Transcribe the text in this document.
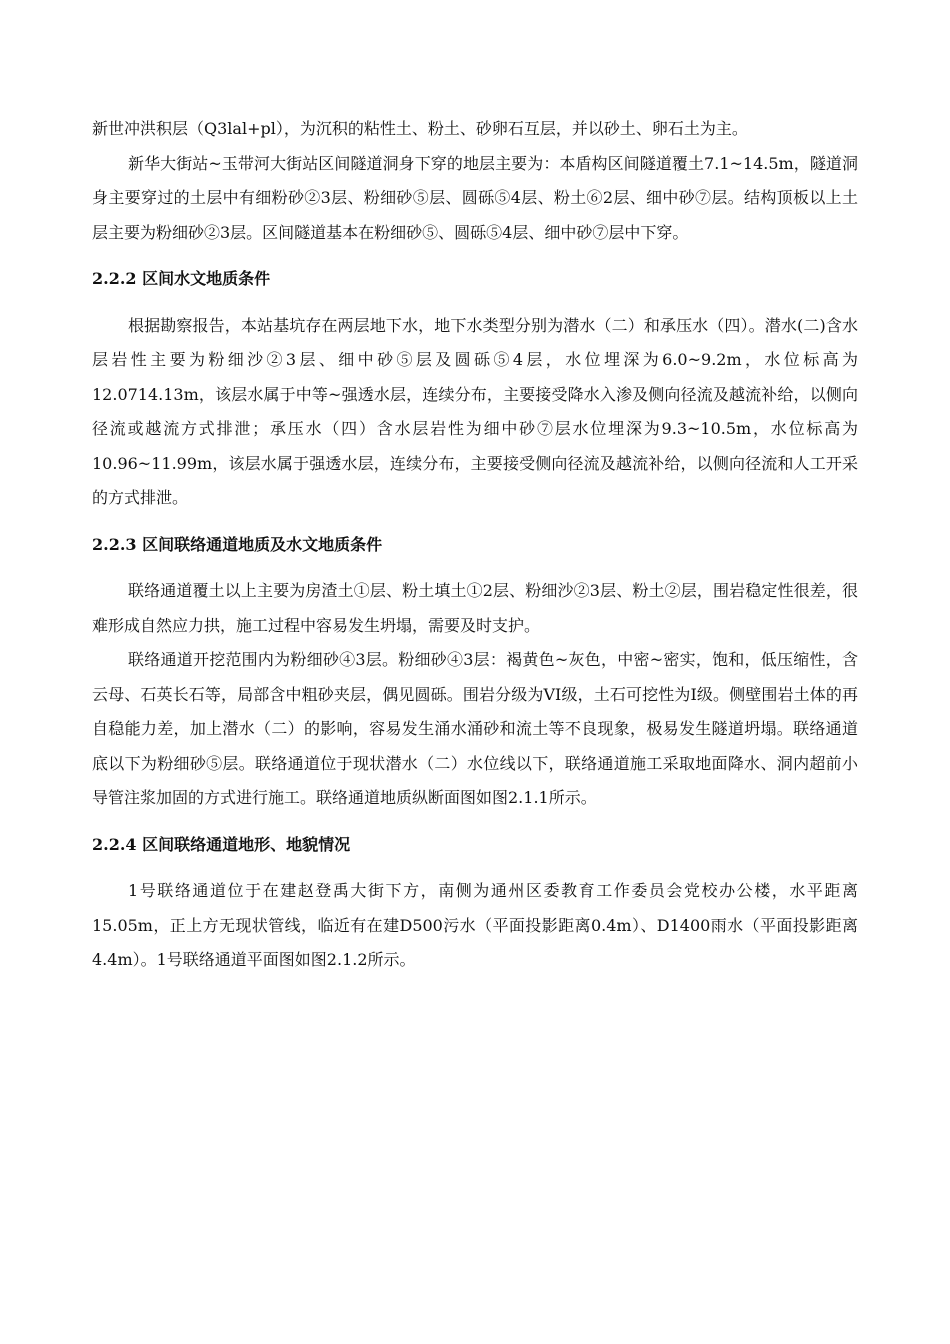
新世冲洪积层（Q3lal+pl），为沉积的粘性土、粉土、砂卵石互层，并以砂土、卵石土为主。

新华大街站~玉带河大街站区间隧道洞身下穿的地层主要为：本盾构区间隧道覆土7.1~14.5m，隧道洞身主要穿过的土层中有细粉砂②3层、粉细砂⑤层、圆砾⑤4层、粉土⑥2层、细中砂⑦层。结构顶板以上土层主要为粉细砂②3层。区间隧道基本在粉细砂⑤、圆砾⑤4层、细中砂⑦层中下穿。

2.2.2 区间水文地质条件

根据勘察报告，本站基坑存在两层地下水，地下水类型分别为潜水（二）和承压水（四）。潜水(二)含水层岩性主要为粉细沙②3层、细中砂⑤层及圆砾⑤4层，水位埋深为6.0~9.2m，水位标高为12.0714.13m，该层水属于中等~强透水层，连续分布，主要接受降水入渗及侧向径流及越流补给，以侧向径流或越流方式排泄；承压水（四）含水层岩性为细中砂⑦层水位埋深为9.3~10.5m，水位标高为10.96~11.99m，该层水属于强透水层，连续分布，主要接受侧向径流及越流补给，以侧向径流和人工开采的方式排泄。

2.2.3 区间联络通道地质及水文地质条件

联络通道覆土以上主要为房渣土①层、粉土填土①2层、粉细沙②3层、粉土②层，围岩稳定性很差，很难形成自然应力拱，施工过程中容易发生坍塌，需要及时支护。

联络通道开挖范围内为粉细砂④3层。粉细砂④3层：褐黄色~灰色，中密~密实，饱和，低压缩性，含云母、石英长石等，局部含中粗砂夹层，偶见圆砾。围岩分级为VI级，土石可挖性为I级。侧壁围岩土体的再自稳能力差，加上潜水（二）的影响，容易发生涌水涌砂和流土等不良现象，极易发生隧道坍塌。联络通道底以下为粉细砂⑤层。联络通道位于现状潜水（二）水位线以下，联络通道施工采取地面降水、洞内超前小导管注浆加固的方式进行施工。联络通道地质纵断面图如图2.1.1所示。

2.2.4 区间联络通道地形、地貌情况

1号联络通道位于在建赵登禹大街下方，南侧为通州区委教育工作委员会党校办公楼，水平距离15.05m，正上方无现状管线，临近有在建D500污水（平面投影距离0.4m）、D1400雨水（平面投影距离4.4m）。1号联络通道平面图如图2.1.2所示。
